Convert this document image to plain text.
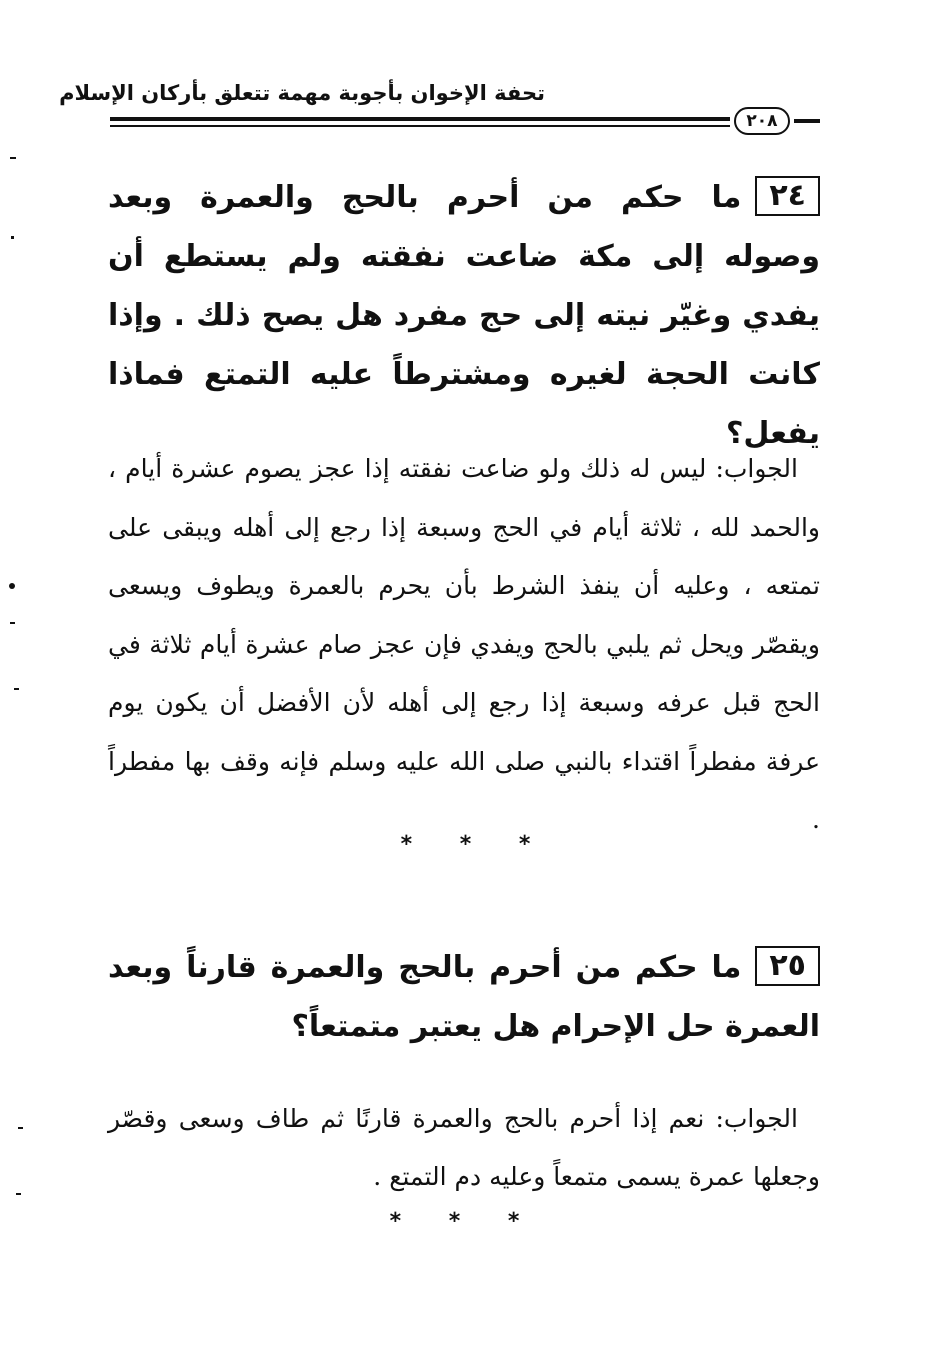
تحفة الإخوان بأجوبة مهمة تتعلق بأركان الإسلام
٢٠٨
٢٤ما حكم من أحرم بالحج والعمرة وبعد وصوله إلى مكة ضاعت نفقته ولم يستطع أن يفدي وغيّر نيته إلى حج مفرد هل يصح ذلك . وإذا كانت الحجة لغيره ومشترطاً عليه التمتع فماذا يفعل؟
الجواب: ليس له ذلك ولو ضاعت نفقته إذا عجز يصوم عشرة أيام ، والحمد لله ، ثلاثة أيام في الحج وسبعة إذا رجع إلى أهله ويبقى على تمتعه ، وعليه أن ينفذ الشرط بأن يحرم بالعمرة ويطوف ويسعى ويقصّر ويحل ثم يلبي بالحج ويفدي فإن عجز صام عشرة أيام ثلاثة في الحج قبل عرفه وسبعة إذا رجع إلى أهله لأن الأفضل أن يكون يوم عرفة مفطراً اقتداء بالنبي صلى الله عليه وسلم فإنه وقف بها مفطراً .
* * *
٢٥ما حكم من أحرم بالحج والعمرة قارناً وبعد العمرة حل الإحرام هل يعتبر متمتعاً؟
الجواب: نعم إذا أحرم بالحج والعمرة قارنًا ثم طاف وسعى وقصّر وجعلها عمرة يسمى متمعاً وعليه دم التمتع .
* * *
